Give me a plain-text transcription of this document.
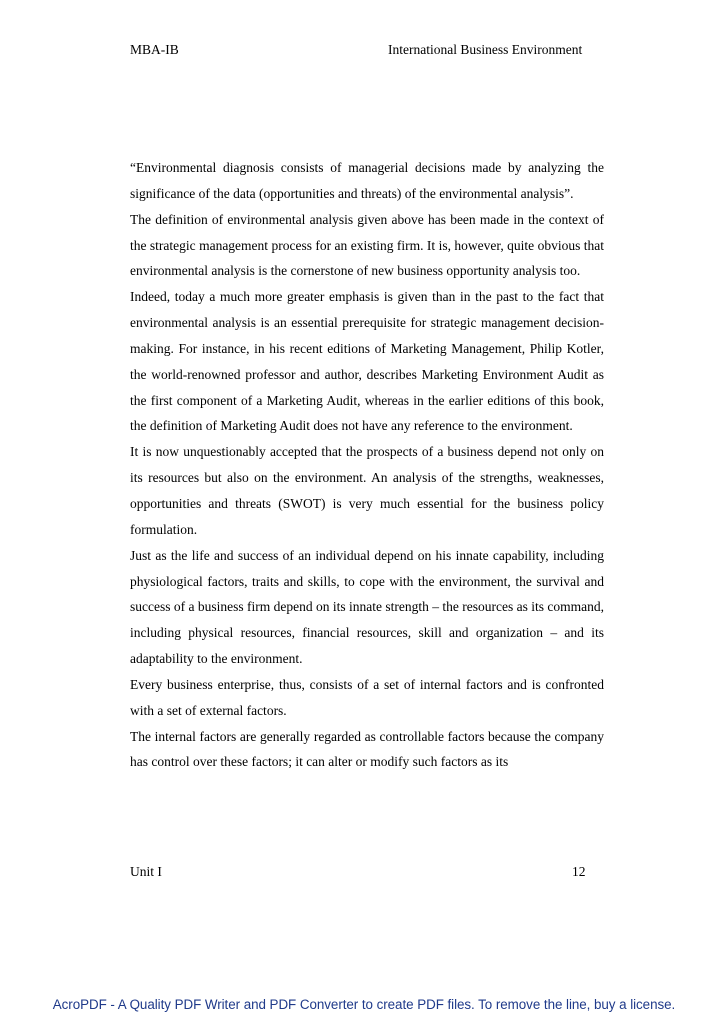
MBA-IB	International Business Environment

“Environmental diagnosis consists of managerial decisions made by analyzing the significance of the data (opportunities and threats) of the environmental analysis”.

The definition of environmental analysis given above has been made in the context of the strategic management process for an existing firm. It is, however, quite obvious that environmental analysis is the cornerstone of new business opportunity analysis too.

Indeed, today a much more greater emphasis is given than in the past to the fact that environmental analysis is an essential prerequisite for strategic management decision-making. For instance, in his recent editions of Marketing Management, Philip Kotler, the world-renowned professor and author, describes Marketing Environment Audit as the first component of a Marketing Audit, whereas in the earlier editions of this book, the definition of Marketing Audit does not have any reference to the environment.

It is now unquestionably accepted that the prospects of a business depend not only on its resources but also on the environment. An analysis of the strengths, weaknesses, opportunities and threats (SWOT) is very much essential for the business policy formulation.

Just as the life and success of an individual depend on his innate capability, including physiological factors, traits and skills, to cope with the environment, the survival and success of a business firm depend on its innate strength – the resources as its command, including physical resources, financial resources, skill and organization – and its adaptability to the environment.

Every business enterprise, thus, consists of a set of internal factors and is confronted with a set of external factors.

The internal factors are generally regarded as controllable factors because the company has control over these factors; it can alter or modify such factors as its

Unit I	12
AcroPDF - A Quality PDF Writer and PDF Converter to create PDF files. To remove the line, buy a license.
